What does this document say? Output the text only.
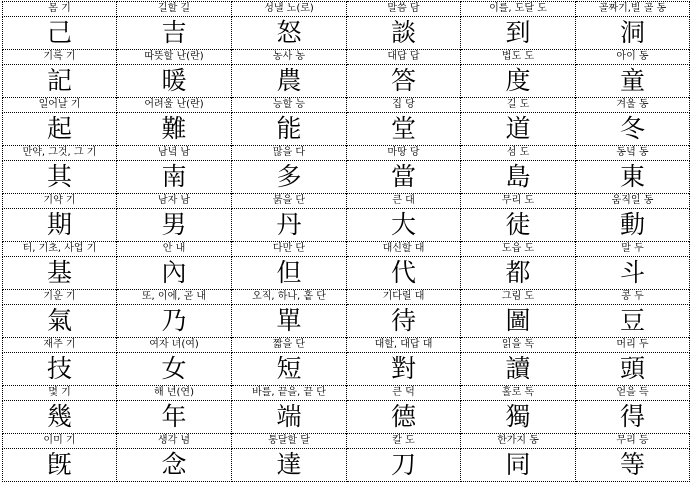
몸 기	길할 길	성낼 노(로)	말씀 담	이를, 도달 도	골짜기,빌 골 동
己	吉	怒	談	到	洞
기록 기	따뜻할 난(란)	농사 농	대답 답	법도 도	아이 동
記	暖	農	答	度	童
일어날 기	어려울 난(란)	능할 능	집 당	길 도	겨울 동
起	難	能	堂	道	冬
만약, 그것, 그 기	남녘 남	많을 다	마땅 당	섬 도	동녘 동
其	南	多	當	島	東
기약 기	남자 남	붉을 단	큰 대	무리 도	움직일 동
期	男	丹	大	徒	動
터, 기초, 사업 기	안 내	다만 단	대신할 대	도읍 도	말 두
基	內	但	代	都	斗
기운 기	또, 이에, 곧 내	오직, 하나, 홑 단	기다릴 대	그림 도	콩 두
氣	乃	單	待	圖	豆
재주 기	여자 녀(여)	짧을 단	대할, 대답 대	읽을 독	머리 두
技	女	短	對	讀	頭
몇 기	해 년(연)	바를, 끝을, 끝 단	큰 덕	홀로 독	얻을 득
幾	年	端	德	獨	得
이미 기	생각 념	통달할 달	칼 도	한가지 동	무리 등
旣	念	達	刀	同	等
